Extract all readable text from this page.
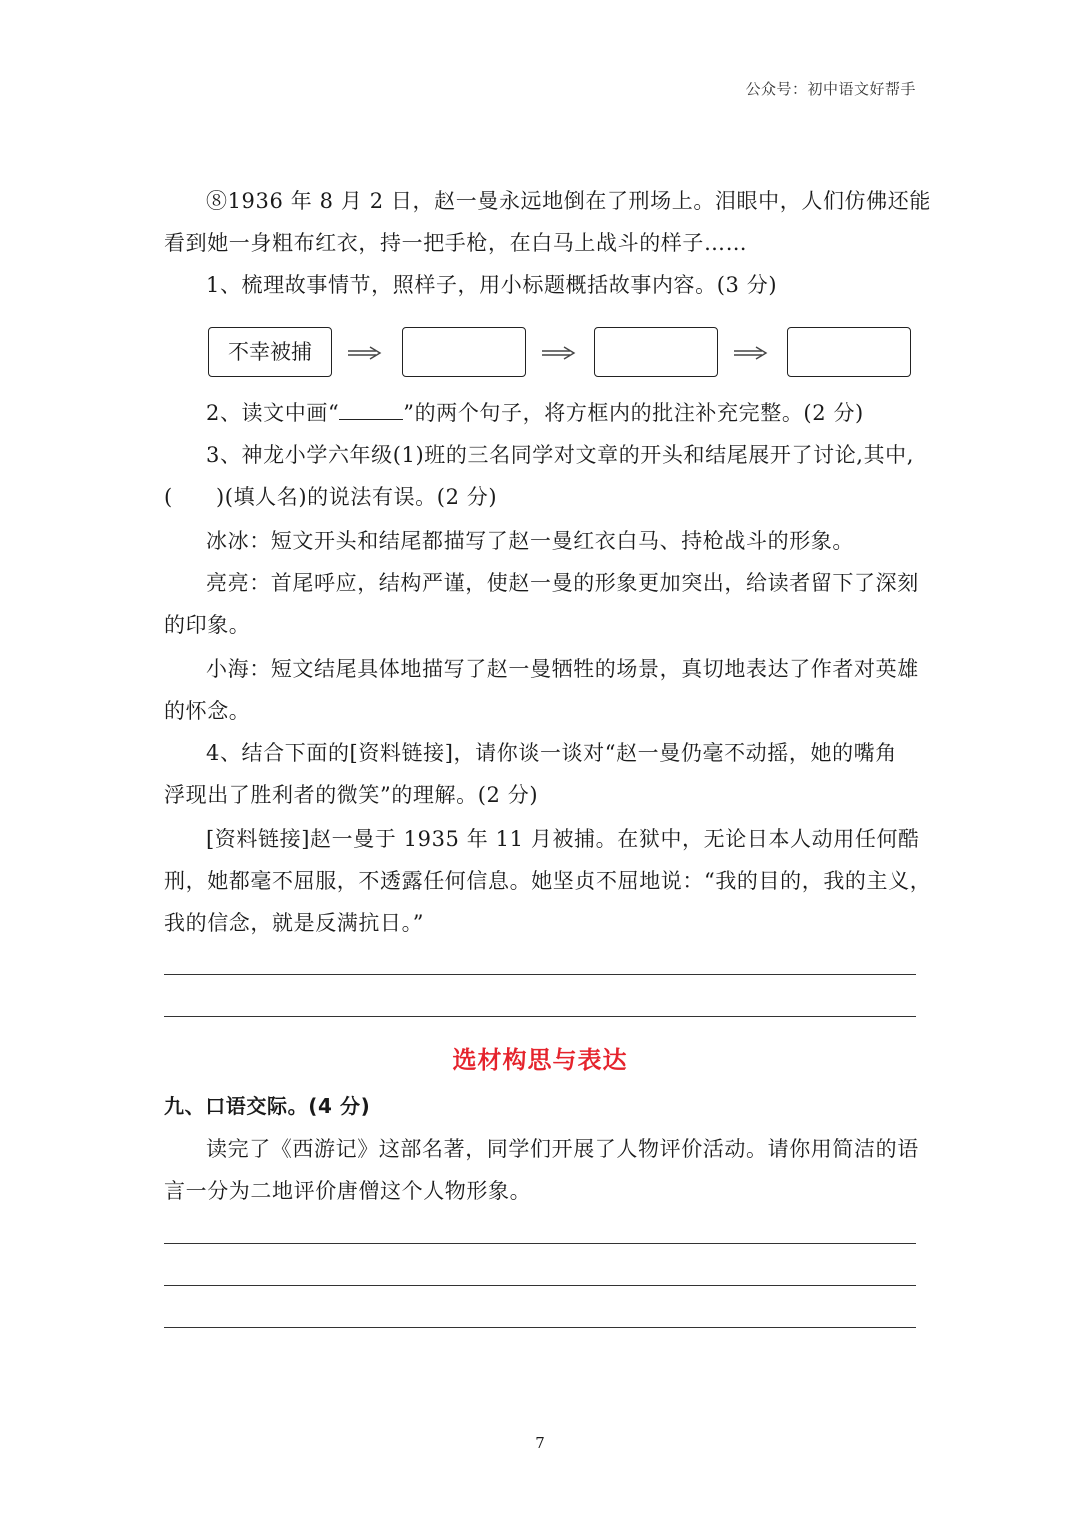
公众号：初中语文好帮手
⑧1936 年 8 月 2 日，赵一曼永远地倒在了刑场上。泪眼中，人们仿佛还能
看到她一身粗布红衣，持一把手枪，在白马上战斗的样子……
1、梳理故事情节，照样子，用小标题概括故事内容。(3 分)
不幸被捕
2、读文中画“	”的两个句子，将方框内的批注补充完整。(2 分)
3、神龙小学六年级(1)班的三名同学对文章的开头和结尾展开了讨论,其中,
(　　)(填人名)的说法有误。(2 分)
冰冰：短文开头和结尾都描写了赵一曼红衣白马、持枪战斗的形象。
亮亮：首尾呼应，结构严谨，使赵一曼的形象更加突出，给读者留下了深刻
的印象。
小海：短文结尾具体地描写了赵一曼牺牲的场景，真切地表达了作者对英雄
的怀念。
4、结合下面的[资料链接]，请你谈一谈对“赵一曼仍毫不动摇，她的嘴角
浮现出了胜利者的微笑”的理解。(2 分)
[资料链接]赵一曼于 1935 年 11 月被捕。在狱中，无论日本人动用任何酷
刑，她都毫不屈服，不透露任何信息。她坚贞不屈地说：“我的目的，我的主义，
我的信念，就是反满抗日。”
选材构思与表达
九、口语交际。(4 分)
读完了《西游记》这部名著，同学们开展了人物评价活动。请你用简洁的语
言一分为二地评价唐僧这个人物形象。
7
